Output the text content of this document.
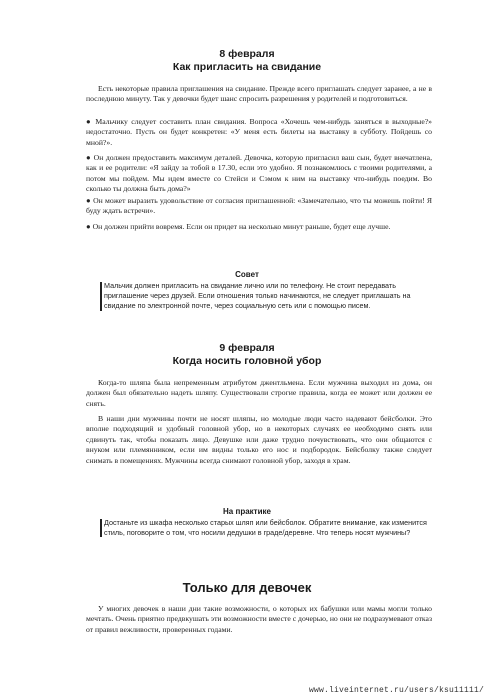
8 февраля

Как пригласить на свидание

Есть некоторые правила приглашения на свидание. Прежде всего приглашать следует заранее, а не в последнюю минуту. Так у девочки будет шанс спросить разрешения у родителей и подготовиться.

● Мальчику следует составить план свидания. Вопроса «Хочешь чем-нибудь заняться в выходные?» недостаточно. Пусть он будет конкретен: «У меня есть билеты на выставку в субботу. Пойдешь со мной?».

● Он должен предоставить максимум деталей. Девочка, которую пригласил ваш сын, будет внечатлена, как и ее родители: «Я зайду за тобой в 17.30, если это удобно. Я познакомлюсь с твоими родителями, а потом мы пойдем. Мы идем вместе со Стейси и Сэмом к ним на выставку что-нибудь поедим. Во сколько ты должна быть дома?»

● Он может выразить удовольствие от согласия приглашенной: «Замечательно, что ты можешь пойти! Я буду ждать встречи».

● Он должен прийти вовремя. Если он придет на несколько минут раньше, будет еще лучше.

Совет

Мальчик должен пригласить на свидание лично или по телефону. Не стоит передавать приглашение через друзей. Если отношения только начинаются, не следует приглашать на свидание по электронной почте, через социальную сеть или с помощью писем.

9 февраля

Когда носить головной убор

Когда-то шляпа была непременным атрибутом джентльмена. Если мужчина выходил из дома, он должен был обязательно надеть шляпу. Существовали строгие правила, когда ее может или должен ее снять.

В наши дни мужчины почти не носят шляпы, но молодые люди часто надевают бейсболки. Это вполне подходящий и удобный головной убор, но в некоторых случаях ее необходимо снять или сдвинуть так, чтобы показать лицо. Девушке или даже трудно почувствовать, что они общаются с внуком или племянником, если им видны только его нос и подбородок. Бейсболку также следует снимать в помещениях. Мужчины всегда снимают головной убор, заходя в храм.

На практике

Достаньте из шкафа несколько старых шляп или бейсболок. Обратите внимание, как изменится стиль, поговорите о том, что носили дедушки в граде/деревне. Что теперь носят мужчины?

Только для девочек

У многих девочек в наши дни такие возможности, о которых их бабушки или мамы могли только мечтать. Очень приятно предвкушать эти возможности вместе с дочерью, но они не подразумевают отказ от правил вежливости, проверенных годами.

www.liveinternet.ru/users/ksu11111/
